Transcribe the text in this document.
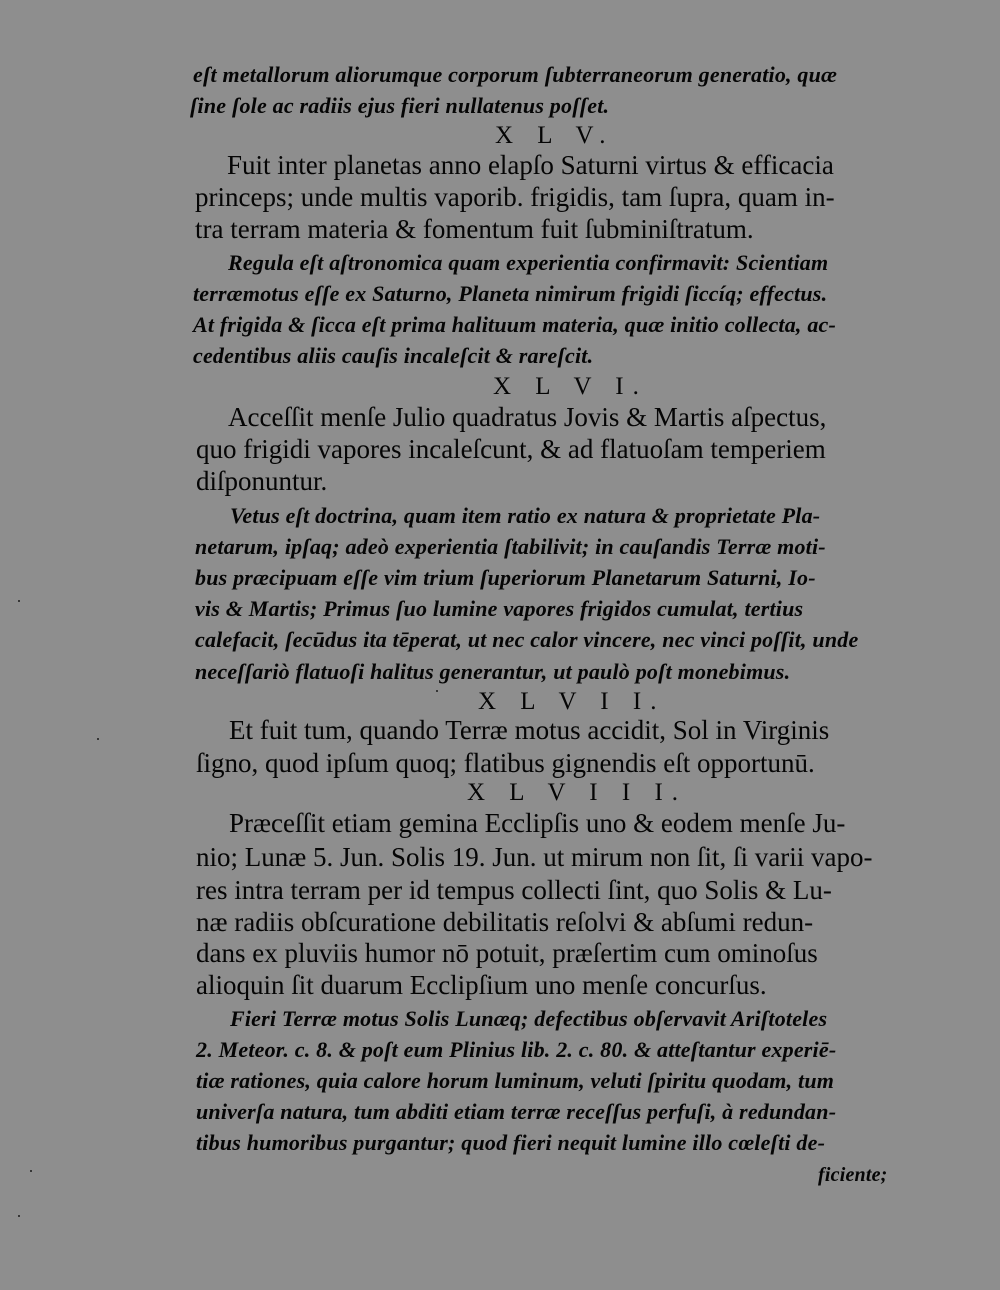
eſt metallorum aliorumque corporum ſubterraneorum generatio, quæ

ſine ſole ac radiis ejus fieri nullatenus poſſet.

X L V.

Fuit inter planetas anno elapſo Saturni virtus & efficacia

princeps; unde multis vaporib. frigidis, tam ſupra, quam in-

tra terram materia & fomentum fuit ſubminiſtratum.

Regula eſt aſtronomica quam experientia confirmavit: Scientiam

terræmotus eſſe ex Saturno, Planeta nimirum frigidi ſiccíq; effectus.

At frigida & ſicca eſt prima halituum materia, quæ initio collecta, ac-

cedentibus aliis cauſis incaleſcit & rareſcit.

X L V I.

Acceſſit menſe Julio quadratus Jovis & Martis aſpectus,

quo frigidi vapores incaleſcunt, & ad flatuoſam temperiem

diſponuntur.

Vetus eſt doctrina, quam item ratio ex natura & proprietate Pla-

netarum, ipſaq; adeò experientia ſtabilivit; in cauſandis Terræ moti-

bus præcipuam eſſe vim trium ſuperiorum Planetarum Saturni, Io-

vis & Martis; Primus ſuo lumine vapores frigidos cumulat, tertius

calefacit, ſecūdus ita tēperat, ut nec calor vincere, nec vinci poſſit, unde

neceſſariò flatuoſi halitus generantur, ut paulò poſt monebimus.

X L V I I.

Et fuit tum, quando Terræ motus accidit, Sol in Virginis

ſigno, quod ipſum quoq; flatibus gignendis eſt opportunū.

X L V I I I.

Præceſſit etiam gemina Ecclipſis uno & eodem menſe Ju-

nio; Lunæ 5. Jun. Solis 19. Jun. ut mirum non ſit, ſi varii vapo-

res intra terram per id tempus collecti ſint, quo Solis & Lu-

næ radiis obſcuratione debilitatis reſolvi & abſumi redun-

dans ex pluviis humor nō potuit, præſertim cum ominoſus

alioquin ſit duarum Ecclipſium uno menſe concurſus.

Fieri Terræ motus Solis Lunæq; defectibus obſervavit Ariſtoteles

2. Meteor. c. 8. & poſt eum Plinius lib. 2. c. 80. & atteſtantur experiē-

tiæ rationes, quia calore horum luminum, veluti ſpiritu quodam, tum

univerſa natura, tum abditi etiam terræ receſſus perfuſi, à redundan-

tibus humoribus purgantur; quod fieri nequit lumine illo cœleſti de-

ficiente;
